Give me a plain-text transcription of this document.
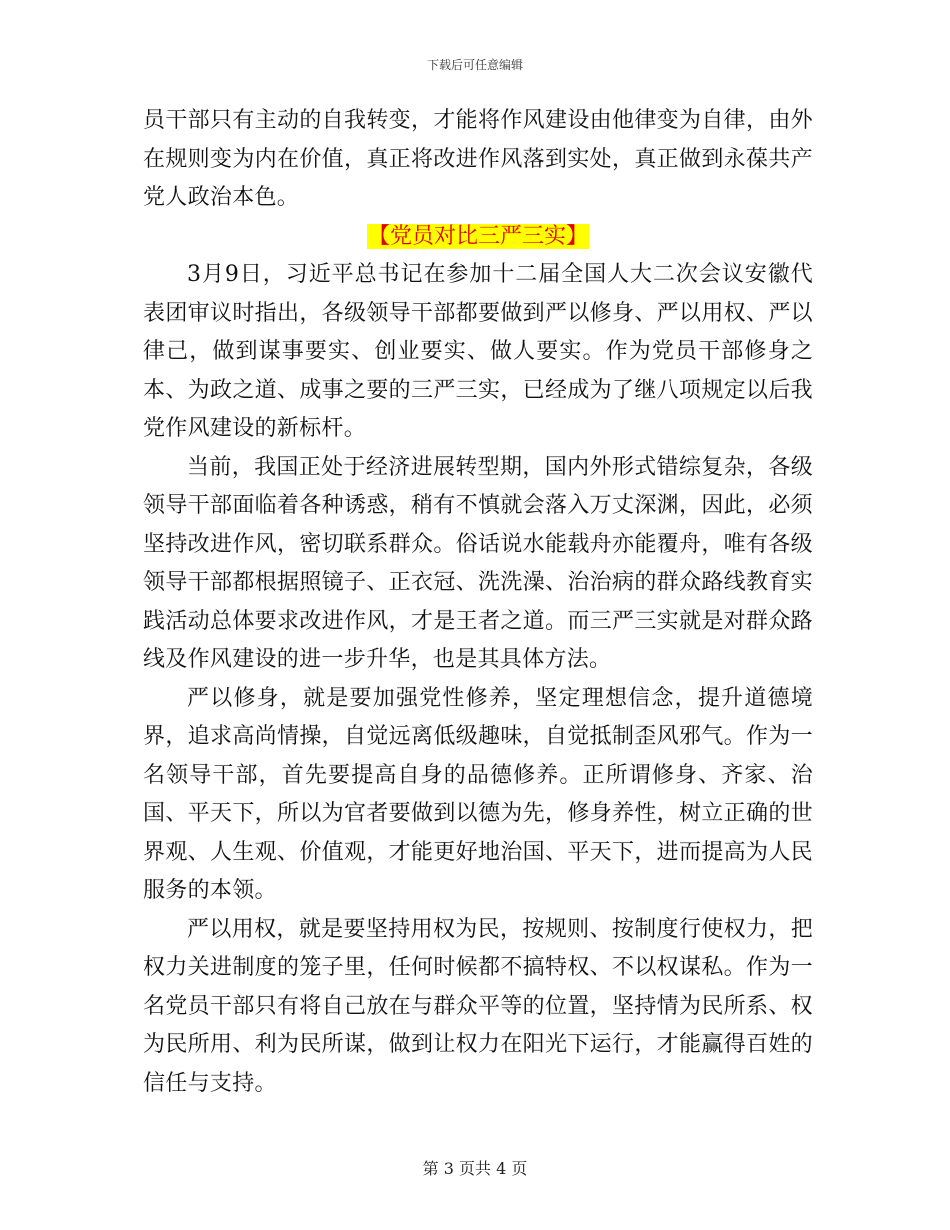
下载后可任意编辑

员干部只有主动的自我转变，才能将作风建设由他律变为自律，由外在规则变为内在价值，真正将改进作风落到实处，真正做到永葆共产党人政治本色。

【党员对比三严三实】

3月9日，习近平总书记在参加十二届全国人大二次会议安徽代表团审议时指出，各级领导干部都要做到严以修身、严以用权、严以律己，做到谋事要实、创业要实、做人要实。作为党员干部修身之本、为政之道、成事之要的三严三实，已经成为了继八项规定以后我党作风建设的新标杆。

当前，我国正处于经济进展转型期，国内外形式错综复杂，各级领导干部面临着各种诱惑，稍有不慎就会落入万丈深渊，因此，必须坚持改进作风，密切联系群众。俗话说水能载舟亦能覆舟，唯有各级领导干部都根据照镜子、正衣冠、洗洗澡、治治病的群众路线教育实践活动总体要求改进作风，才是王者之道。而三严三实就是对群众路线及作风建设的进一步升华，也是其具体方法。

严以修身，就是要加强党性修养，坚定理想信念，提升道德境界，追求高尚情操，自觉远离低级趣味，自觉抵制歪风邪气。作为一名领导干部，首先要提高自身的品德修养。正所谓修身、齐家、治国、平天下，所以为官者要做到以德为先，修身养性，树立正确的世界观、人生观、价值观，才能更好地治国、平天下，进而提高为人民服务的本领。

严以用权，就是要坚持用权为民，按规则、按制度行使权力，把权力关进制度的笼子里，任何时候都不搞特权、不以权谋私。作为一名党员干部只有将自己放在与群众平等的位置，坚持情为民所系、权为民所用、利为民所谋，做到让权力在阳光下运行，才能赢得百姓的信任与支持。

第 3 页共 4 页
